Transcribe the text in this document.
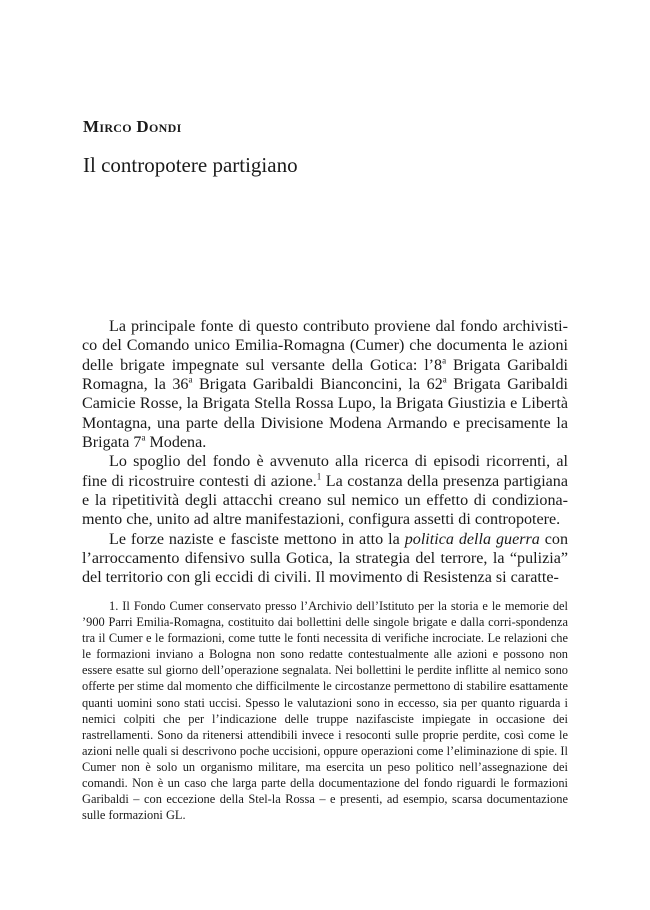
Mirco Dondi
Il contropotere partigiano

La principale fonte di questo contributo proviene dal fondo archivisti-co del Comando unico Emilia-Romagna (Cumer) che documenta le azioni delle brigate impegnate sul versante della Gotica: l’8$^a$ Brigata Garibaldi Romagna, la 36$^a$ Brigata Garibaldi Bianconcini, la 62$^a$ Brigata Garibaldi Camicie Rosse, la Brigata Stella Rossa Lupo, la Brigata Giustizia e Libertà Montagna, una parte della Divisione Modena Armando e precisamente la Brigata 7$^a$ Modena.

Lo spoglio del fondo è avvenuto alla ricerca di episodi ricorrenti, al fine di ricostruire contesti di azione.$^1$ La costanza della presenza partigiana e la ripetitività degli attacchi creano sul nemico un effetto di condiziona-mento che, unito ad altre manifestazioni, configura assetti di contropotere.

Le forze naziste e fasciste mettono in atto la politica della guerra con l’arroccamento difensivo sulla Gotica, la strategia del terrore, la “pulizia” del territorio con gli eccidi di civili. Il movimento di Resistenza si caratte-

1. Il Fondo Cumer conservato presso l’Archivio dell’Istituto per la storia e le memorie del ’900 Parri Emilia-Romagna, costituito dai bollettini delle singole brigate e dalla corri-spondenza tra il Cumer e le formazioni, come tutte le fonti necessita di verifiche incrociate. Le relazioni che le formazioni inviano a Bologna non sono redatte contestualmente alle azioni e possono non essere esatte sul giorno dell’operazione segnalata. Nei bollettini le perdite inflitte al nemico sono offerte per stime dal momento che difficilmente le circostanze permettono di stabilire esattamente quanti uomini sono stati uccisi. Spesso le valutazioni sono in eccesso, sia per quanto riguarda i nemici colpiti che per l’indicazione delle truppe nazifasciste impiegate in occasione dei rastrellamenti. Sono da ritenersi attendibili invece i resoconti sulle proprie perdite, così come le azioni nelle quali si descrivono poche uccisioni, oppure operazioni come l’eliminazione di spie. Il Cumer non è solo un organismo militare, ma esercita un peso politico nell’assegnazione dei comandi. Non è un caso che larga parte della documentazione del fondo riguardi le formazioni Garibaldi – con eccezione della Stel-la Rossa – e presenti, ad esempio, scarsa documentazione sulle formazioni GL.
